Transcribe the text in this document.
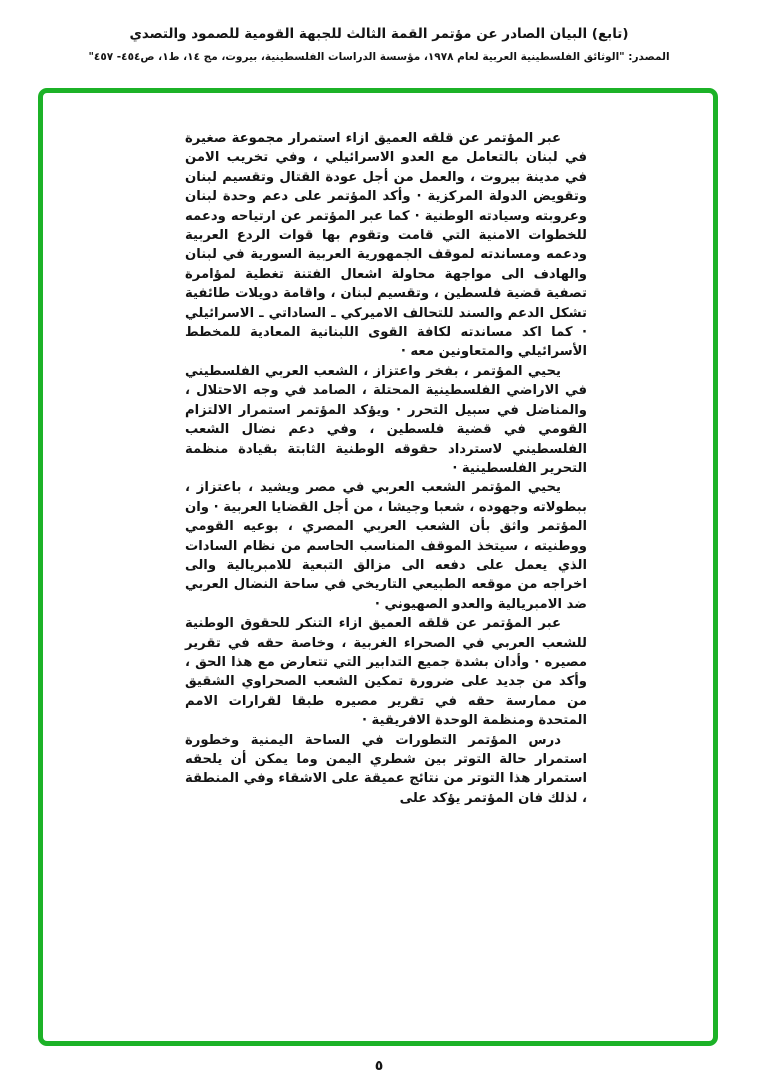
(تابع) البيان الصادر عن مؤتمر القمة الثالث للجبهة القومية للصمود والتصدي
المصدر: "الوثائق الفلسطينية العربية لعام ١٩٧٨، مؤسسة الدراسات الفلسطينية، بيروت، مج ١٤، ط١، ص٤٥٤- ٤٥٧"

عبر المؤتمر عن قلقه العميق ازاء استمرار مجموعة صغيرة في لبنان بالتعامل مع العدو الاسرائيلي ، وفي تخريب الامن في مدينة بيروت ، والعمل من أجل عودة القتال وتقسيم لبنان وتقويض الدولة المركزية · وأكد المؤتمر على دعم وحدة لبنان وعروبته وسيادته الوطنية · كما عبر المؤتمر عن ارتياحه ودعمه للخطوات الامنية التي قامت وتقوم بها قوات الردع العربية ودعمه ومساندته لموقف الجمهورية العربية السورية في لبنان والهادف الى مواجهة محاولة اشعال الفتنة تغطية لمؤامرة تصفية قضية فلسطين ، وتقسيم لبنان ، واقامة دويلات طائفية تشكل الدعم والسند للتحالف الاميركي ـ الساداتي ـ الاسرائيلي · كما اكد مساندته لكافة القوى اللبنانية المعادية للمخطط الأسرائيلي والمتعاونين معه ·

يحيي المؤتمر ، بفخر واعتزاز ، الشعب العربي الفلسطيني في الاراضي الفلسطينية المحتلة ، الصامد في وجه الاحتلال ، والمناضل في سبيل التحرر · ويؤكد المؤتمر استمرار الالتزام القومي في قضية فلسطين ، وفي دعم نضال الشعب الفلسطيني لاسترداد حقوقه الوطنية الثابتة بقيادة منظمة التحرير الفلسطينية ·

يحيي المؤتمر الشعب العربي في مصر ويشيد ، باعتزاز ، ببطولاته وجهوده ، شعبا وجيشا ، من أجل القضايا العربية · وان المؤتمر واثق بأن الشعب العربي المصري ، بوعيه القومي ووطنيته ، سيتخذ الموقف المناسب الحاسم من نظام السادات الذي يعمل على دفعه الى مزالق التبعية للامبريالية والى اخراجه من موقعه الطبيعي التاريخي في ساحة النضال العربي ضد الامبريالية والعدو الصهيوني ·

عبر المؤتمر عن قلقه العميق ازاء التنكر للحقوق الوطنية للشعب العربي في الصحراء الغربية ، وخاصة حقه في تقرير مصيره · وأدان بشدة جميع التدابير التي تتعارض مع هذا الحق ، وأكد من جديد على ضرورة تمكين الشعب الصحراوي الشقيق من ممارسة حقه في تقرير مصيره طبقا لقرارات الامم المتحدة ومنظمة الوحدة الافريقية ·

درس المؤتمر التطورات في الساحة اليمنية وخطورة استمرار حالة التوتر بين شطري اليمن وما يمكن أن يلحقه استمرار هذا التوتر من نتائج عميقة على الاشقاء وفي المنطقة ، لذلك فان المؤتمر يؤكد على

٥
